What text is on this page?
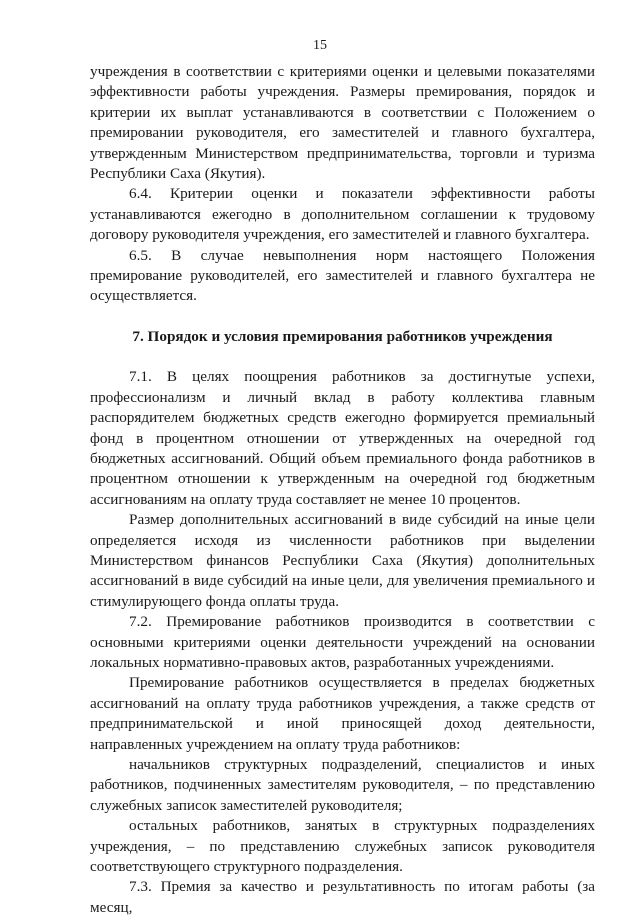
15

учреждения в соответствии с критериями оценки и целевыми показателями эффективности работы учреждения. Размеры премирования, порядок и критерии их выплат устанавливаются в соответствии с Положением о премировании руководителя, его заместителей и главного бухгалтера, утвержденным Министерством предпринимательства, торговли и туризма Республики Саха (Якутия).

6.4. Критерии оценки и показатели эффективности работы устанавливаются ежегодно в дополнительном соглашении к трудовому договору руководителя учреждения, его заместителей и главного бухгалтера.

6.5. В случае невыполнения норм настоящего Положения премирование руководителей, его заместителей и главного бухгалтера не осуществляется.

7. Порядок и условия премирования работников учреждения

7.1. В целях поощрения работников за достигнутые успехи, профессионализм и личный вклад в работу коллектива главным распорядителем бюджетных средств ежегодно формируется премиальный фонд в процентном отношении от утвержденных на очередной год бюджетных ассигнований. Общий объем премиального фонда работников в процентном отношении к утвержденным на очередной год бюджетным ассигнованиям на оплату труда составляет не менее 10 процентов.

Размер дополнительных ассигнований в виде субсидий на иные цели определяется исходя из численности работников при выделении Министерством финансов Республики Саха (Якутия) дополнительных ассигнований в виде субсидий на иные цели, для увеличения премиального и стимулирующего фонда оплаты труда.

7.2. Премирование работников производится в соответствии с основными критериями оценки деятельности учреждений на основании локальных нормативно-правовых актов, разработанных учреждениями.

Премирование работников осуществляется в пределах бюджетных ассигнований на оплату труда работников учреждения, а также средств от предпринимательской и иной приносящей доход деятельности, направленных учреждением на оплату труда работников:

начальников структурных подразделений, специалистов и иных работников, подчиненных заместителям руководителя, – по представлению служебных записок заместителей руководителя;

остальных работников, занятых в структурных подразделениях учреждения, – по представлению служебных записок руководителя соответствующего структурного подразделения.

7.3. Премия за качество и результативность по итогам работы (за месяц,
